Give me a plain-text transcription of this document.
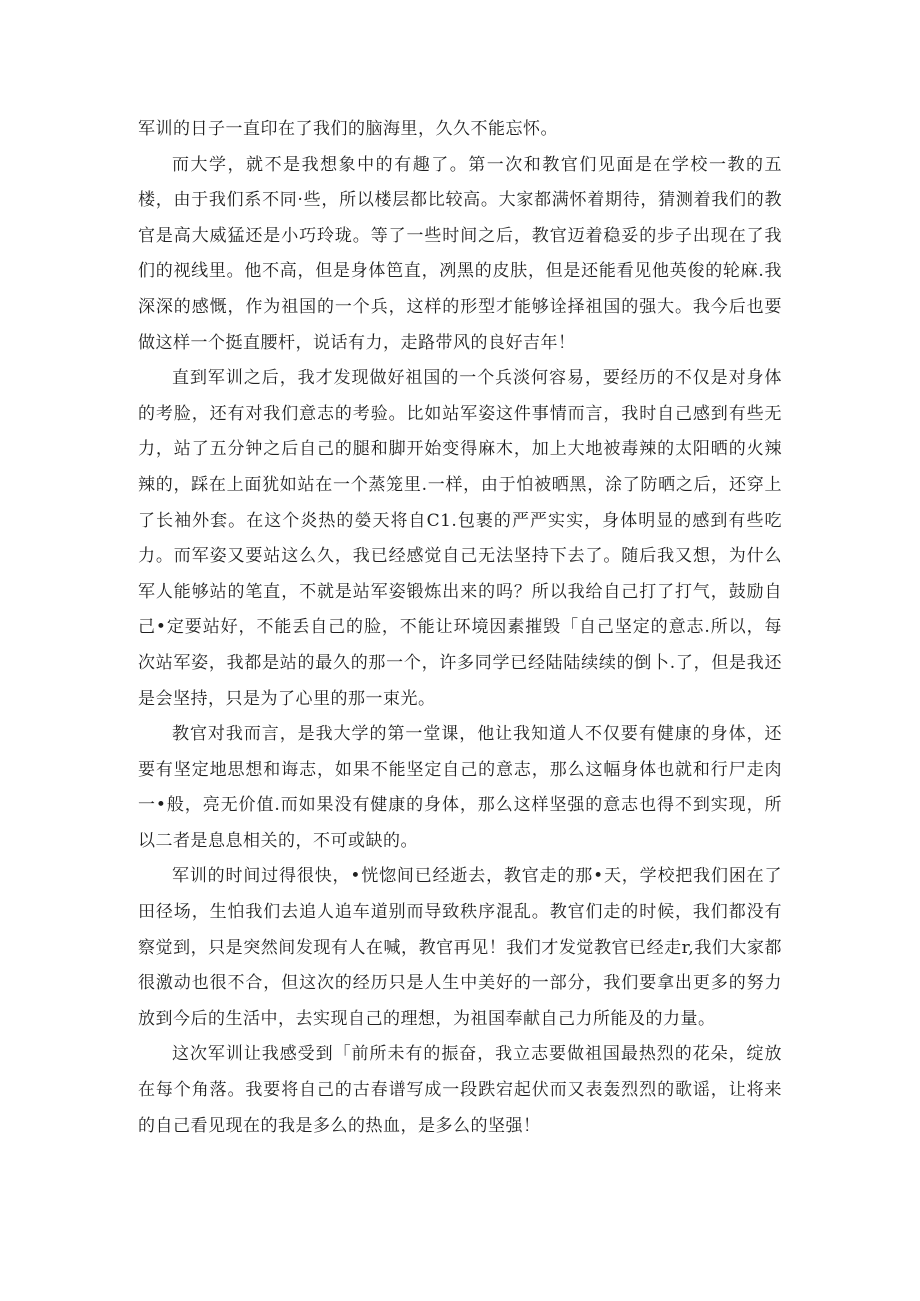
军训的日子一直印在了我们的脑海里，久久不能忘怀。

而大学，就不是我想象中的有趣了。第一次和教官们见面是在学校一教的五楼，由于我们系不同·些，所以楼层都比较高。大家都满怀着期待，猜测着我们的教官是高大威猛还是小巧玲珑。等了一些时间之后，教官迈着稳妥的步子出现在了我们的视线里。他不高，但是身体笆直，冽黑的皮肤，但是还能看见他英俊的轮麻.我深深的感慨，作为祖国的一个兵，这样的形型才能够诠择祖国的强大。我今后也要做这样一个挺直腰杆，说话有力，走路带风的良好吉年！

直到军训之后，我才发现做好祖国的一个兵淡何容易，要经历的不仅是对身体的考脸，还有对我们意志的考验。比如站军姿这件事情而言，我时自己感到有些无力，站了五分钟之后自己的腿和脚开始变得麻木，加上大地被毒辣的太阳晒的火辣辣的，踩在上面犹如站在一个蒸笼里.一样，由于怕被晒黑，涂了防晒之后，还穿上了长袖外套。在这个炎热的嫈天将自C1.包裹的严严实实，身体明显的感到有些吃力。而军姿又要站这么久，我已经感觉自己无法坚持下去了。随后我又想，为什么军人能够站的笔直，不就是站军姿锻炼出来的吗？所以我给自己打了打气，鼓励自己•定要站好，不能丢自己的脸，不能让环境因素摧毁「自己坚定的意志.所以，每次站军姿，我都是站的最久的那一个，许多同学已经陆陆续续的倒卜.了，但是我还是会坚持，只是为了心里的那一束光。

教官对我而言，是我大学的第一堂课，他让我知道人不仅要有健康的身体，还要有坚定地思想和诲志，如果不能坚定自己的意志，那么这幅身体也就和行尸走肉一•般，亮无价值.而如果没有健康的身体，那么这样坚强的意志也得不到实现，所以二者是息息相关的，不可或缺的。

军训的时间过得很快，•恍惚间已经逝去，教官走的那•天，学校把我们困在了田径场，生怕我们去追人追车道别而导致秩序混乱。教官们走的时候，我们都没有察觉到，只是突然间发现有人在喊，教官再见！我们才发觉教官已经走r,我们大家都很激动也很不合，但这次的经历只是人生中美好的一部分，我们要拿出更多的努力放到今后的生活中，去实现自己的理想，为祖国奉献自己力所能及的力量。

这次军训让我感受到「前所未有的振奋，我立志要做祖国最热烈的花朵，绽放在每个角落。我要将自己的古春谱写成一段跌宕起伏而又表轰烈烈的歌谣，让将来的自己看见现在的我是多么的热血，是多么的坚强！
